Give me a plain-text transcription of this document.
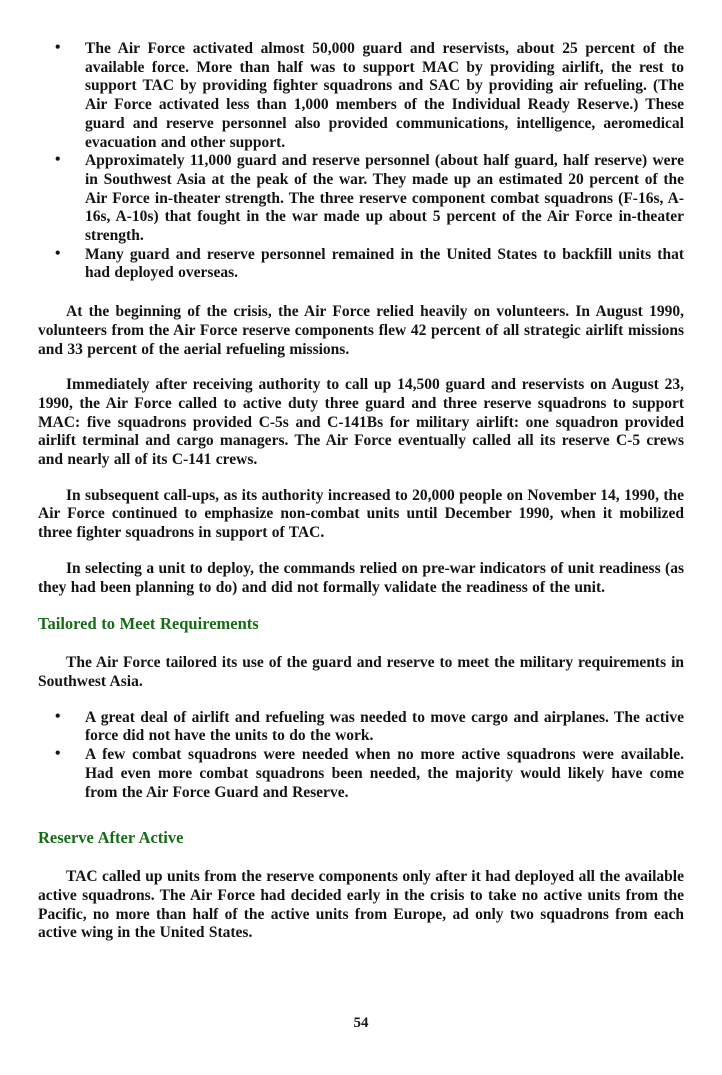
• The Air Force activated almost 50,000 guard and reservists, about 25 percent of the available force. More than half was to support MAC by providing airlift, the rest to support TAC by providing fighter squadrons and SAC by providing air refueling. (The Air Force activated less than 1,000 members of the Individual Ready Reserve.) These guard and reserve personnel also provided communications, intelligence, aeromedical evacuation and other support.
• Approximately 11,000 guard and reserve personnel (about half guard, half reserve) were in Southwest Asia at the peak of the war. They made up an estimated 20 percent of the Air Force in-theater strength. The three reserve component combat squadrons (F-16s, A-16s, A-10s) that fought in the war made up about 5 percent of the Air Force in-theater strength.
• Many guard and reserve personnel remained in the United States to backfill units that had deployed overseas.

At the beginning of the crisis, the Air Force relied heavily on volunteers. In August 1990, volunteers from the Air Force reserve components flew 42 percent of all strategic airlift missions and 33 percent of the aerial refueling missions.

Immediately after receiving authority to call up 14,500 guard and reservists on August 23, 1990, the Air Force called to active duty three guard and three reserve squadrons to support MAC: five squadrons provided C-5s and C-141Bs for military airlift: one squadron provided airlift terminal and cargo managers. The Air Force eventually called all its reserve C-5 crews and nearly all of its C-141 crews.

In subsequent call-ups, as its authority increased to 20,000 people on November 14, 1990, the Air Force continued to emphasize non-combat units until December 1990, when it mobilized three fighter squadrons in support of TAC.

In selecting a unit to deploy, the commands relied on pre-war indicators of unit readiness (as they had been planning to do) and did not formally validate the readiness of the unit.

Tailored to Meet Requirements

The Air Force tailored its use of the guard and reserve to meet the military requirements in Southwest Asia.

• A great deal of airlift and refueling was needed to move cargo and airplanes. The active force did not have the units to do the work.
• A few combat squadrons were needed when no more active squadrons were available. Had even more combat squadrons been needed, the majority would likely have come from the Air Force Guard and Reserve.
Reserve After Active

TAC called up units from the reserve components only after it had deployed all the available active squadrons. The Air Force had decided early in the crisis to take no active units from the Pacific, no more than half of the active units from Europe, ad only two squadrons from each active wing in the United States.

54
